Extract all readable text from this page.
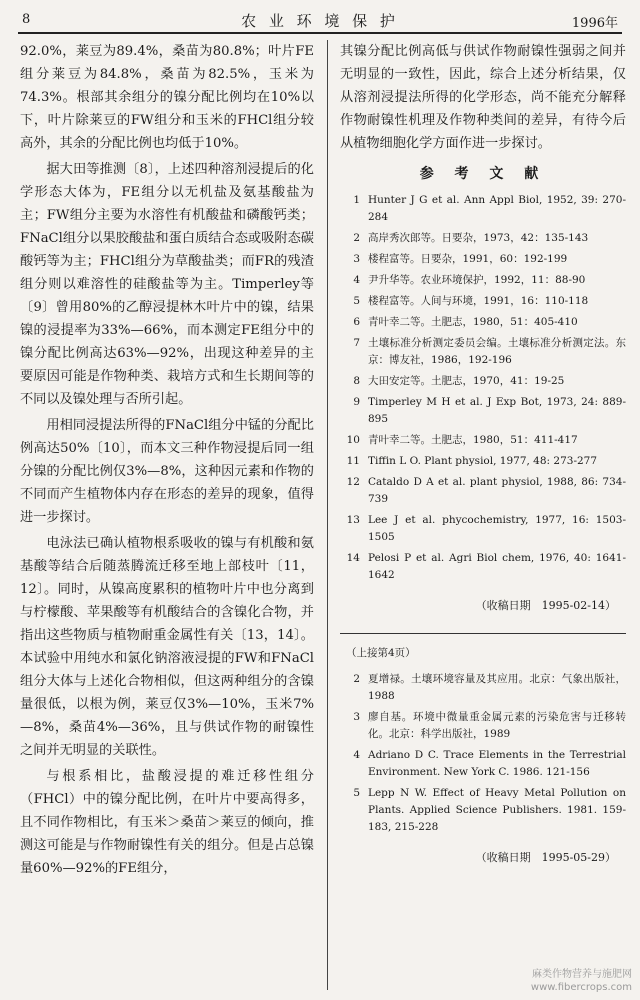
8	农 业 环 境 保 护	1996年

92.0%，莱豆为89.4%，桑苗为80.8%；叶片FE组分莱豆为84.8%，桑苗为82.5%，玉米为74.3%。根部其余组分的镍分配比例均在10%以下，叶片除莱豆的FW组分和玉米的FHCl组分较高外，其余的分配比例也均低于10%。

据大田等推测〔8〕，上述四种溶剂浸提后的化学形态大体为，FE组分以无机盐及氨基酸盐为主；FW组分主要为水溶性有机酸盐和磷酸钙类；FNaCl组分以果胶酸盐和蛋白质结合态或吸附态碳酸钙等为主；FHCl组分为草酸盐类；而FR的残渣组分则以难溶性的硅酸盐等为主。Timperley等〔9〕曾用80%的乙醇浸提林木叶片中的镍，结果镍的浸提率为33%—66%，而本测定FE组分中的镍分配比例高达63%—92%，出现这种差异的主要原因可能是作物种类、栽培方式和生长期间等的不同以及镍处理与否所引起。

用相同浸提法所得的FNaCl组分中锰的分配比例高达50%〔10〕，而本文三种作物浸提后同一组分镍的分配比例仅3%—8%，这种因元素和作物的不同而产生植物体内存在形态的差异的现象，值得进一步探讨。

电泳法已确认植物根系吸收的镍与有机酸和氨基酸等结合后随蒸腾流迁移至地上部枝叶〔11，12〕。同时，从镍高度累积的植物叶片中也分离到与柠檬酸、苹果酸等有机酸结合的含镍化合物，并指出这些物质与植物耐重金属性有关〔13，14〕。本试验中用纯水和氯化钠溶液浸提的FW和FNaCl组分大体与上述化合物相似，但这两种组分的含镍量很低，以根为例，莱豆仅3%—10%，玉米7%—8%，桑苗4%—36%，且与供试作物的耐镍性之间并无明显的关联性。

与根系相比，盐酸浸提的难迁移性组分（FHCl）中的镍分配比例，在叶片中要高得多，且不同作物相比，有玉米＞桑苗＞莱豆的倾向，推测这可能是与作物耐镍性有关的组分。但是占总镍量60%—92%的FE组分，

其镍分配比例高低与供试作物耐镍性强弱之间并无明显的一致性，因此，综合上述分析结果，仅从溶剂浸提法所得的化学形态，尚不能充分解释作物耐镍性机理及作物种类间的差异，有待今后从植物细胞化学方面作进一步探讨。

参 考 文 献
1 Hunter J G et al. Ann Appl Biol, 1952, 39: 270-284
2 高岸秀次郎等。日要杂，1973，42：135-143
3 楼程富等。日要杂，1991，60：192-199
4 尹升华等。农业环境保护，1992，11：88-90
5 楼程富等。人间与环境，1991，16：110-118
6 青叶幸二等。土肥志，1980，51：405-410
7 土壤标准分析测定委员会编。土壤标准分析测定法。东京：博友社，1986，192-196
8 大田安定等。土肥志，1970，41：19-25
9 Timperley M H et al. J Exp Bot, 1973, 24: 889-895
10 青叶幸二等。土肥志，1980，51：411-417
11 Tiffin L O. Plant physiol, 1977, 48: 273-277
12 Cataldo D A et al. plant physiol, 1988, 86: 734-739
13 Lee J et al. phycochemistry, 1977, 16: 1503-1505
14 Pelosi P et al. Agri Biol chem, 1976, 40: 1641-1642
（收稿日期　1995-02-14）
（上接第4页）
2 夏增禄。土壤环境容量及其应用。北京：气象出版社，1988
3 廖自基。环境中微量重金属元素的污染危害与迁移转化。北京：科学出版社，1989
4 Adriano D C. Trace Elements in the Terrestrial Environment. New York C. 1986. 121-156
5 Lepp N W. Effect of Heavy Metal Pollution on Plants. Applied Science Publishers. 1981. 159-183, 215-228
（收稿日期　1995-05-29）
麻类作物营养与施肥网
www.fibercrops.com
